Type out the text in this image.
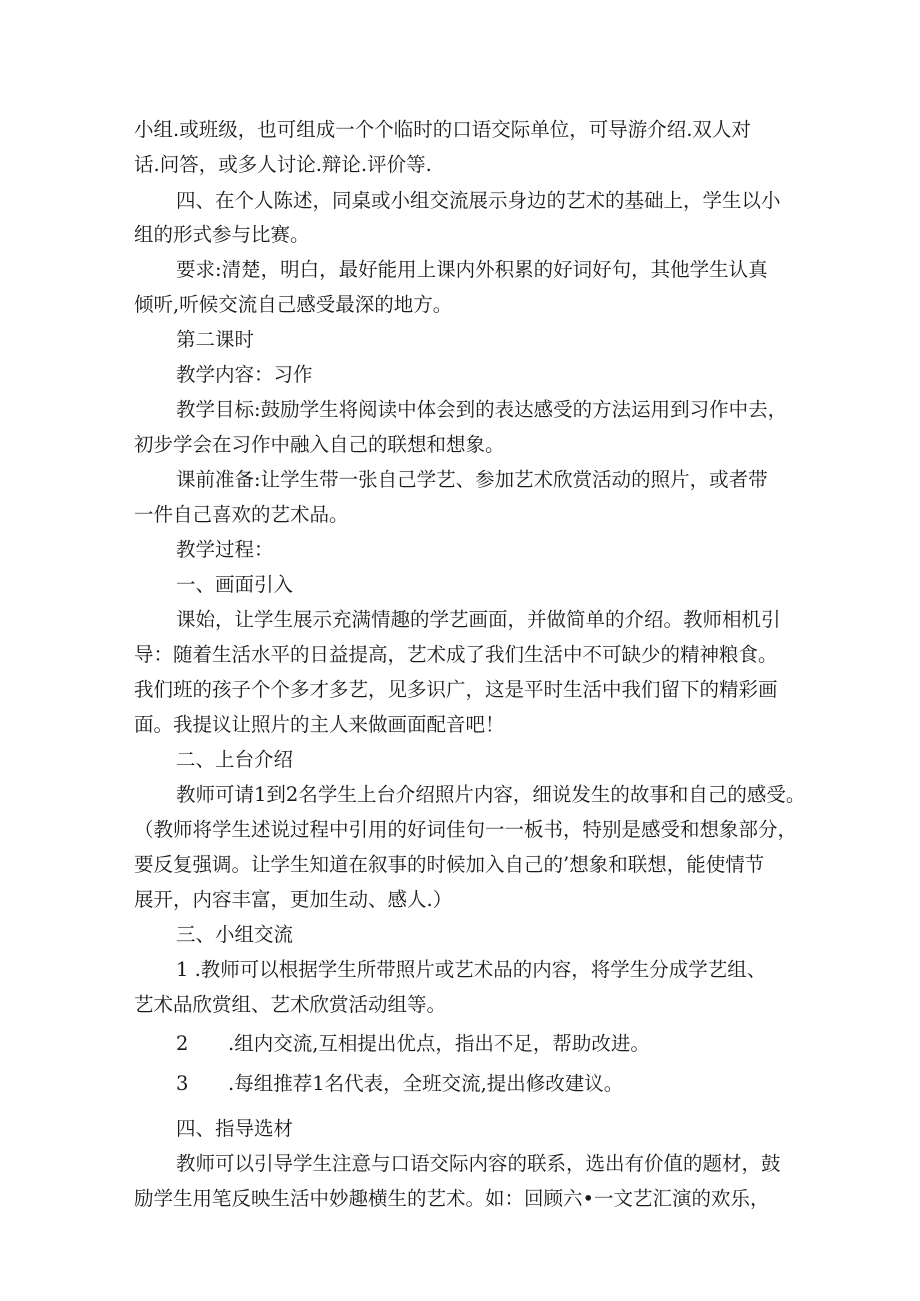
小组.或班级，也可组成一个个临时的口语交际单位，可导游介绍.双人对
话.问答，或多人讨论.辩论.评价等.
四、在个人陈述，同桌或小组交流展示身边的艺术的基础上，学生以小
组的形式参与比赛。
要求:清楚，明白，最好能用上课内外积累的好词好句，其他学生认真
倾听,听候交流自己感受最深的地方。
第二课时
教学内容：习作
教学目标:鼓励学生将阅读中体会到的表达感受的方法运用到习作中去，
初步学会在习作中融入自己的联想和想象。
课前准备:让学生带一张自己学艺、参加艺术欣赏活动的照片，或者带
一件自己喜欢的艺术品。
教学过程：
一、画面引入
课始，让学生展示充满情趣的学艺画面，并做简单的介绍。教师相机引
导：随着生活水平的日益提高，艺术成了我们生活中不可缺少的精神粮食。
我们班的孩子个个多才多艺，见多识广，这是平时生活中我们留下的精彩画
面。我提议让照片的主人来做画面配音吧！
二、上台介绍
教师可请1到2名学生上台介绍照片内容，细说发生的故事和自己的感受。
（教师将学生述说过程中引用的好词佳句一一板书，特别是感受和想象部分，
要反复强调。让学生知道在叙事的时候加入自己的’想象和联想，能使情节
展开，内容丰富，更加生动、感人.）
三、小组交流
1 .教师可以根据学生所带照片或艺术品的内容，将学生分成学艺组、
艺术品欣赏组、艺术欣赏活动组等。
2 .组内交流,互相提出优点，指出不足，帮助改进。
3 .每组推荐1名代表，全班交流,提出修改建议。
四、指导选材
教师可以引导学生注意与口语交际内容的联系，选出有价值的题材，鼓
励学生用笔反映生活中妙趣横生的艺术。如：回顾六•一文艺汇演的欢乐，
